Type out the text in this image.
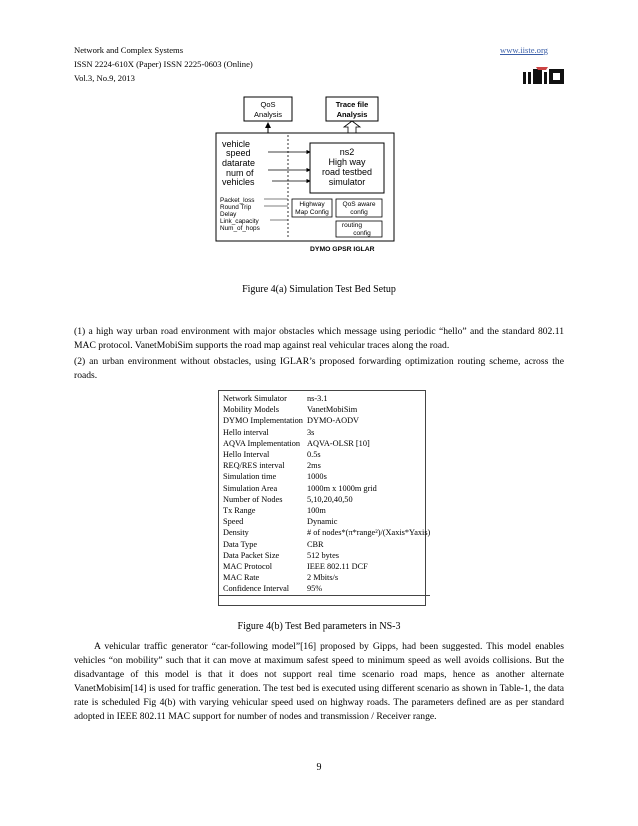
Network and Complex Systems
ISSN 2224-610X (Paper) ISSN 2225-0603 (Online)
Vol.3, No.9, 2013
www.iiste.org
QoS
Analysis
Trace file
Analysis
vehicle
speed
datarate
num of
vehicles
ns2
High way
road testbed
simulator
Packet_loss
Round Trip
Delay
Link_capacity
Num_of_hops
Highway
Map Config
QoS aware
config
routing
config
DYMO GPSR IGLAR
Figure 4(a) Simulation Test Bed Setup
(1) a high way urban road environment with major obstacles which message using periodic “hello” and the standard 802.11 MAC protocol. VanetMobiSim supports the road map against real vehicular traces along the road.
(2) an urban environment without obstacles, using IGLAR’s proposed forwarding optimization routing scheme, across the roads.
Network Simulator	ns-3.1
Mobility Models	VanetMobiSim
DYMO Implementation	DYMO-AODV
Hello interval	3s
AQVA Implementation	AQVA-OLSR [10]
Hello Interval	0.5s
REQ/RES interval	2ms
Simulation time	1000s
Simulation Area	1000m x 1000m grid
Number of Nodes	5,10,20,40,50
Tx Range	100m
Speed	Dynamic
Density	# of nodes*(π*range²)/(Xaxis*Yaxis)
Data Type	CBR
Data Packet Size	512 bytes
MAC Protocol	IEEE 802.11 DCF
MAC Rate	2 Mbits/s
Confidence Interval	95%
Figure 4(b) Test Bed parameters in NS-3
A vehicular traffic generator “car-following model”[16] proposed by Gipps, had been suggested. This model enables vehicles “on mobility” such that it can move at maximum safest speed to minimum speed as well avoids collisions. But the disadvantage of this model is that it does not support real time scenario road maps, hence as another alternate VanetMobisim[14] is used for traffic generation. The test bed is executed using different scenario as shown in Table-1, the data rate is scheduled Fig 4(b) with varying vehicular speed used on highway roads. The parameters defined are as per standard adopted in IEEE 802.11 MAC support for number of nodes and transmission / Receiver range.
9
